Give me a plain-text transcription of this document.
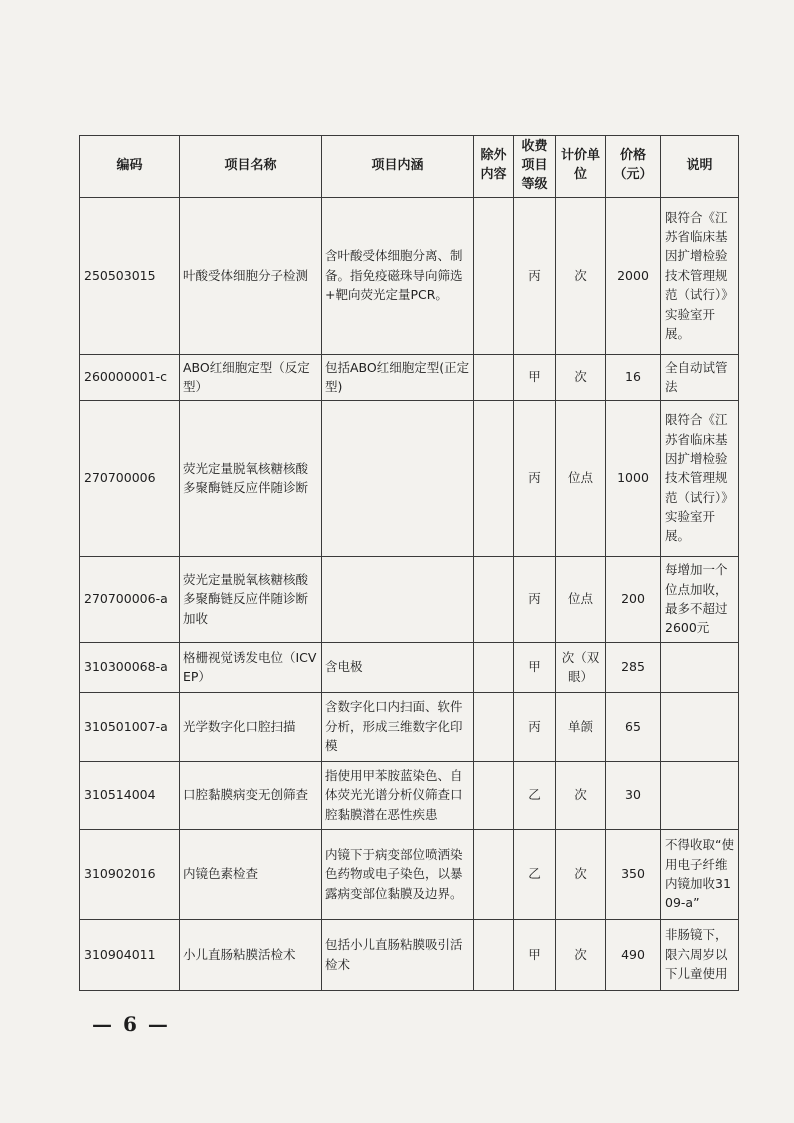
编码	项目名称	项目内涵	除外内容	收费项目等级	计价单位	价格（元）	说明
250503015	叶酸受体细胞分子检测	含叶酸受体细胞分离、制备。指免疫磁珠导向筛选+靶向荧光定量PCR。		丙	次	2000	限符合《江苏省临床基因扩增检验技术管理规范（试行）》实验室开展。
260000001-c	ABO红细胞定型（反定型）	包括ABO红细胞定型(正定型)		甲	次	16	全自动试管法
270700006	荧光定量脱氧核糖核酸多聚酶链反应伴随诊断			丙	位点	1000	限符合《江苏省临床基因扩增检验技术管理规范（试行）》实验室开展。
270700006-a	荧光定量脱氧核糖核酸多聚酶链反应伴随诊断加收			丙	位点	200	每增加一个位点加收，最多不超过2600元
310300068-a	格栅视觉诱发电位（ICVEP）	含电极		甲	次（双眼）	285	
310501007-a	光学数字化口腔扫描	含数字化口内扫面、软件分析，形成三维数字化印模		丙	单颌	65	
310514004	口腔黏膜病变无创筛查	指使用甲苯胺蓝染色、自体荧光光谱分析仪筛查口腔黏膜潜在恶性疾患		乙	次	30	
310902016	内镜色素检查	内镜下于病变部位喷洒染色药物或电子染色，以暴露病变部位黏膜及边界。		乙	次	350	不得收取“使用电子纤维内镜加收3109-a”
310904011	小儿直肠粘膜活检术	包括小儿直肠粘膜吸引活检术		甲	次	490	非肠镜下，限六周岁以下儿童使用
— 6 —
